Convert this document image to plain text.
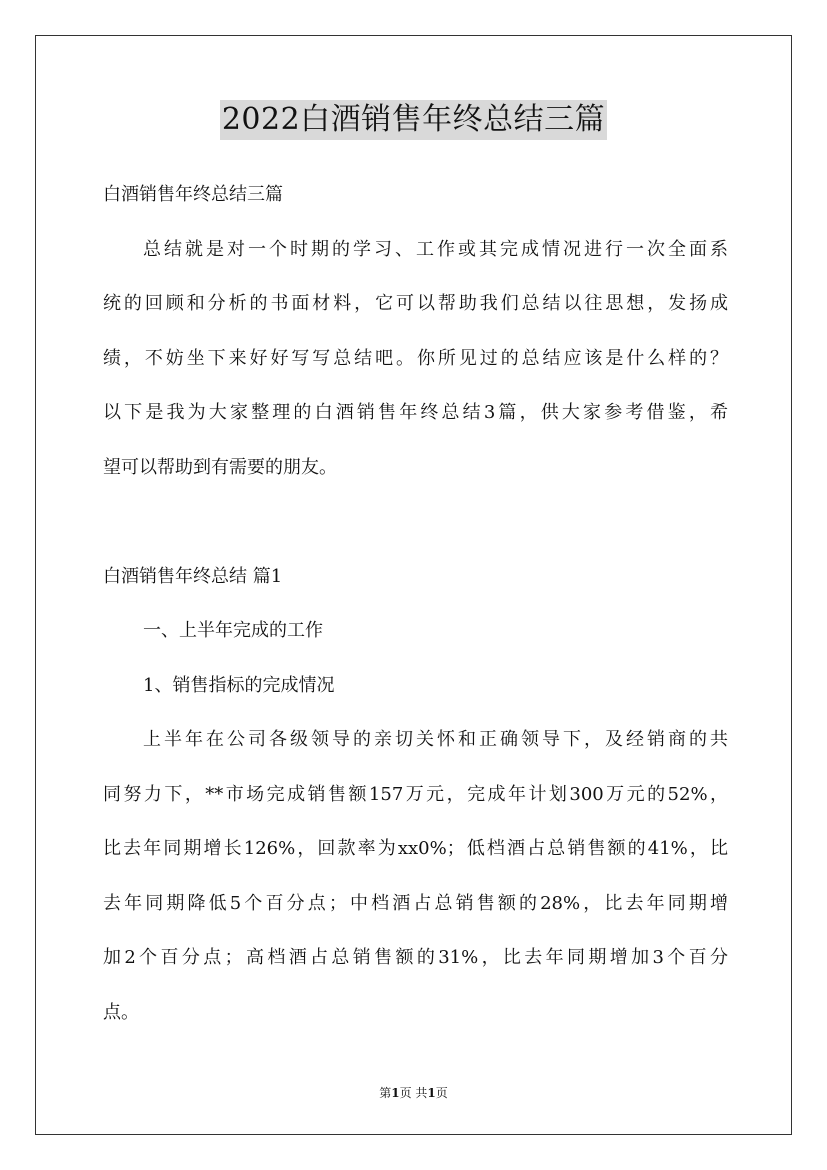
2022白酒销售年终总结三篇
白酒销售年终总结三篇
总结就是对一个时期的学习、工作或其完成情况进行一次全面系
统的回顾和分析的书面材料，它可以帮助我们总结以往思想，发扬成
绩，不妨坐下来好好写写总结吧。你所见过的总结应该是什么样的？
以下是我为大家整理的白酒销售年终总结3篇，供大家参考借鉴，希
望可以帮助到有需要的朋友。
白酒销售年终总结 篇1
一、上半年完成的工作
1、销售指标的完成情况
上半年在公司各级领导的亲切关怀和正确领导下，及经销商的共
同努力下，**市场完成销售额157万元，完成年计划300万元的52%，
比去年同期增长126%，回款率为xx0%；低档酒占总销售额的41%，比
去年同期降低5个百分点；中档酒占总销售额的28%，比去年同期增
加2个百分点；高档酒占总销售额的31%，比去年同期增加3个百分
点。
第1页 共1页
